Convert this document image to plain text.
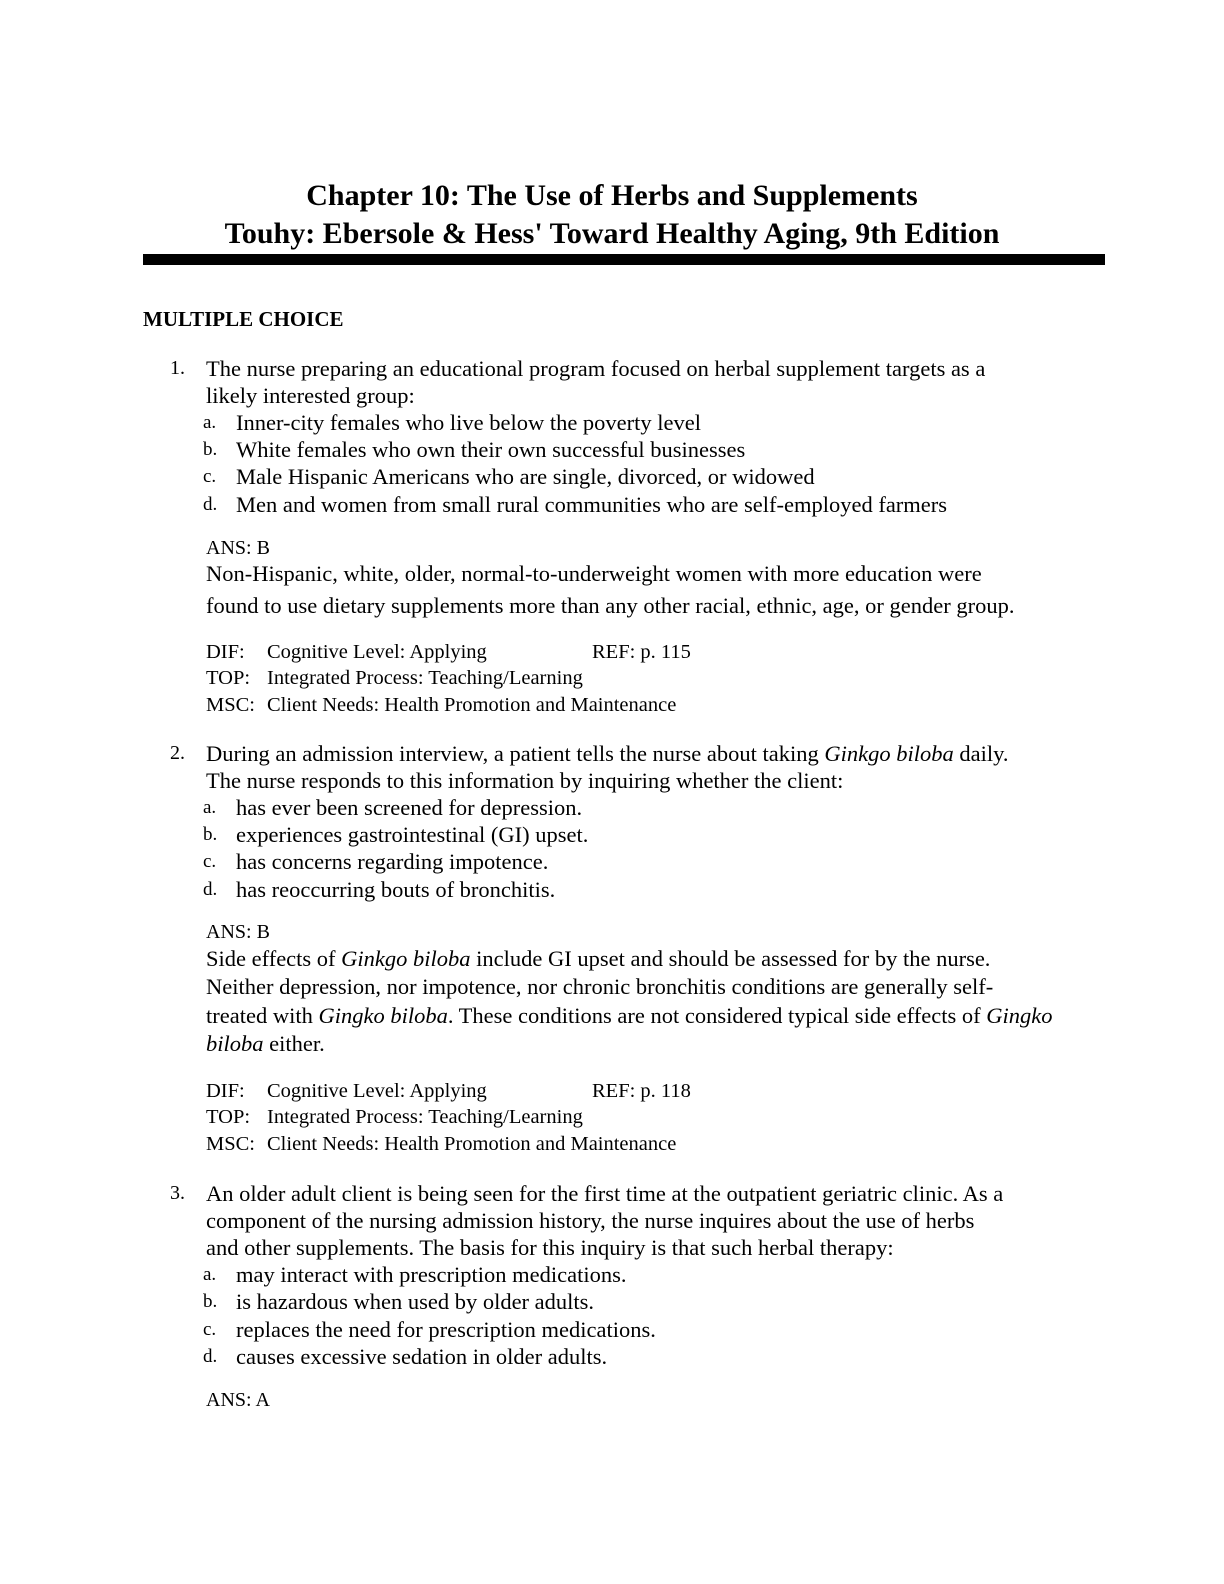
Chapter 10: The Use of Herbs and Supplements
Touhy: Ebersole & Hess' Toward Healthy Aging, 9th Edition
MULTIPLE CHOICE
1. The nurse preparing an educational program focused on herbal supplement targets as a
likely interested group:
a. Inner-city females who live below the poverty level
b. White females who own their own successful businesses
c. Male Hispanic Americans who are single, divorced, or widowed
d. Men and women from small rural communities who are self-employed farmers
ANS: B
Non-Hispanic, white, older, normal-to-underweight women with more education were
found to use dietary supplements more than any other racial, ethnic, age, or gender group.
DIF: Cognitive Level: Applying	REF: p. 115
TOP: Integrated Process: Teaching/Learning
MSC: Client Needs: Health Promotion and Maintenance
2. During an admission interview, a patient tells the nurse about taking Ginkgo biloba daily.
The nurse responds to this information by inquiring whether the client:
a. has ever been screened for depression.
b. experiences gastrointestinal (GI) upset.
c. has concerns regarding impotence.
d. has reoccurring bouts of bronchitis.
ANS: B
Side effects of Ginkgo biloba include GI upset and should be assessed for by the nurse.
Neither depression, nor impotence, nor chronic bronchitis conditions are generally self-
treated with Gingko biloba. These conditions are not considered typical side effects of Gingko
biloba either.
DIF: Cognitive Level: Applying	REF: p. 118
TOP: Integrated Process: Teaching/Learning
MSC: Client Needs: Health Promotion and Maintenance
3. An older adult client is being seen for the first time at the outpatient geriatric clinic. As a
component of the nursing admission history, the nurse inquires about the use of herbs
and other supplements. The basis for this inquiry is that such herbal therapy:
a. may interact with prescription medications.
b. is hazardous when used by older adults.
c. replaces the need for prescription medications.
d. causes excessive sedation in older adults.
ANS: A
